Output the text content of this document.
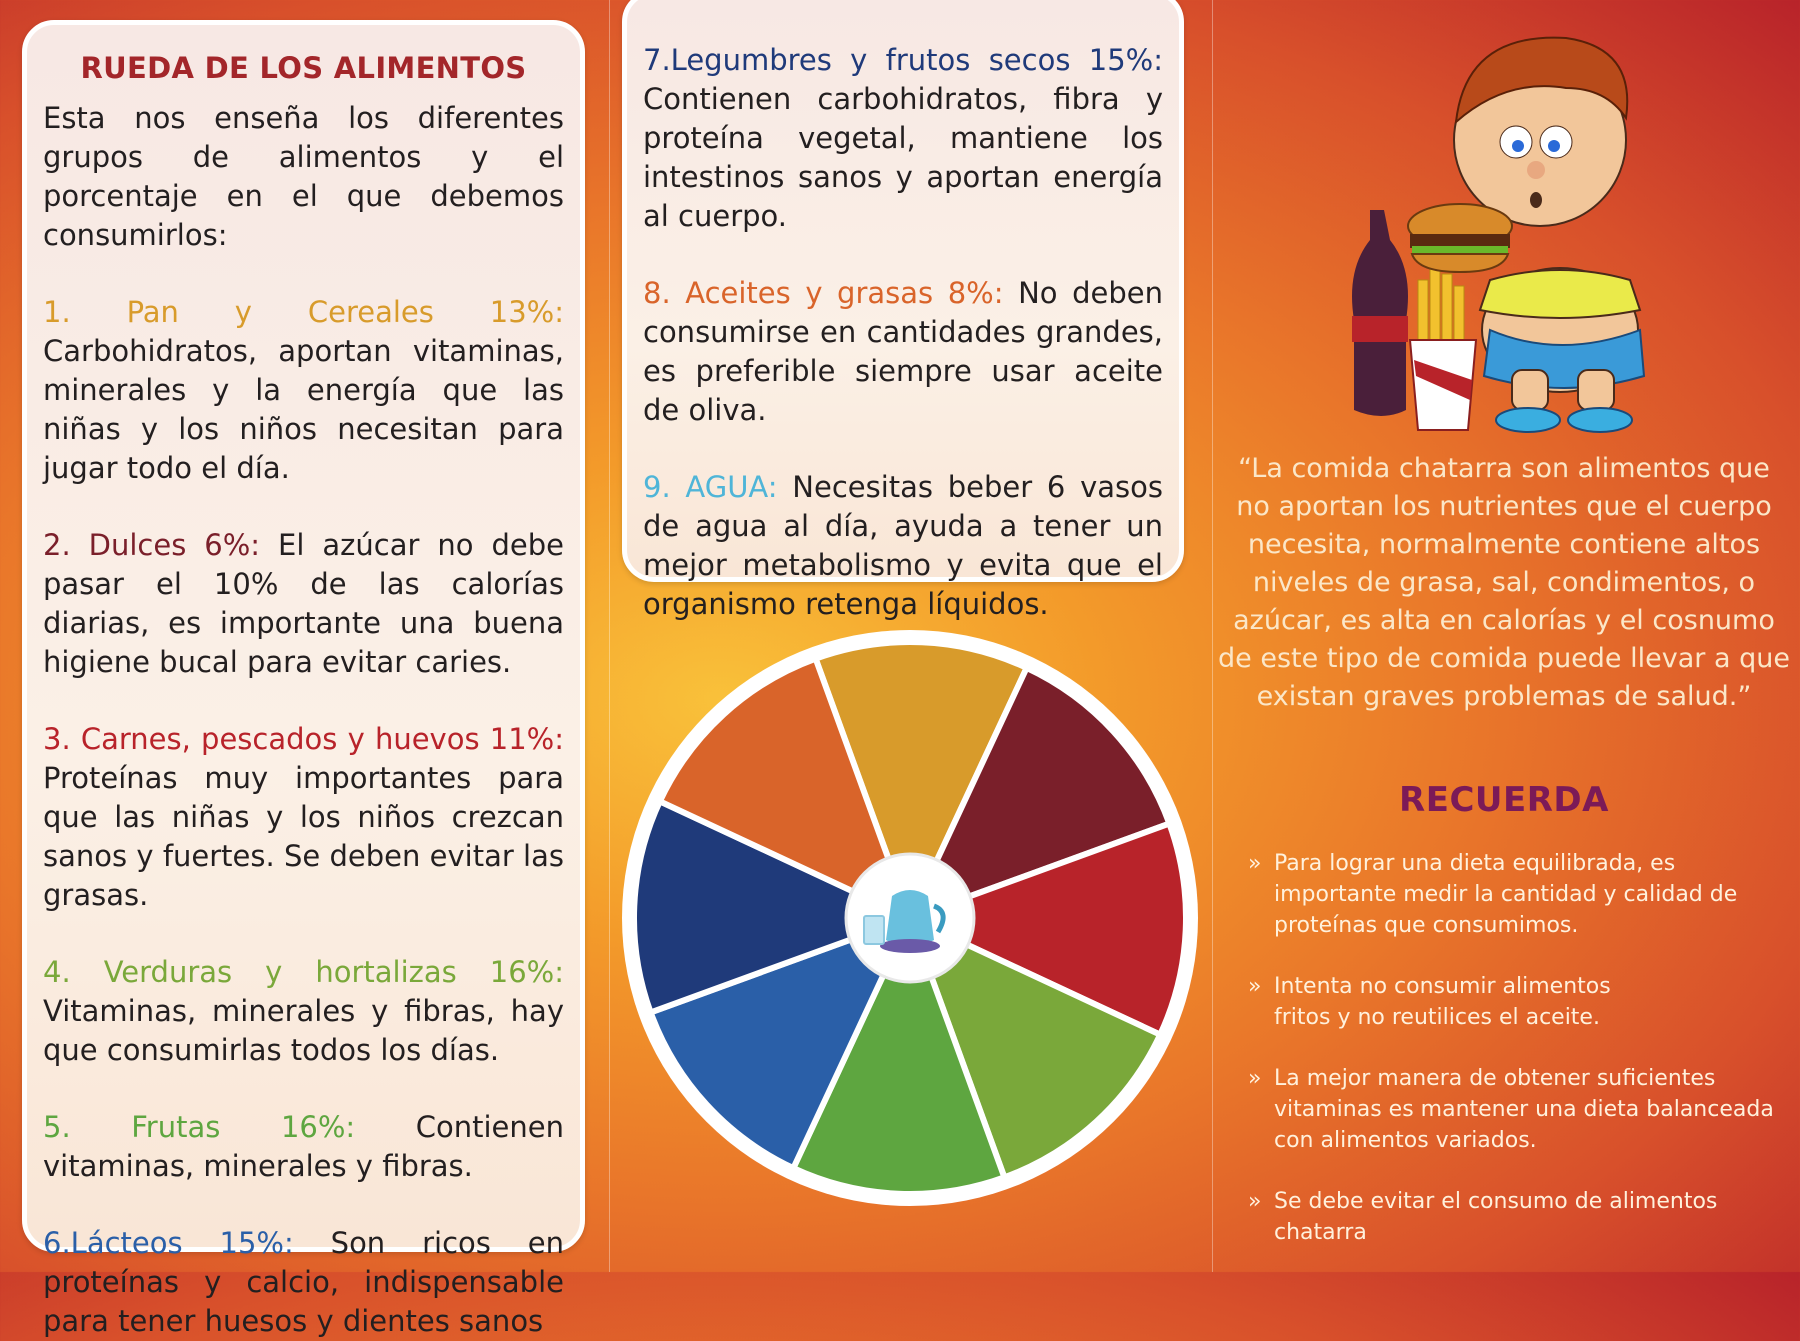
RUEDA DE LOS ALIMENTOS

Esta nos enseña los diferentes grupos de alimentos y el porcentaje en el que debemos consumirlos:

1. Pan y Cereales 13%: Carbohidratos, aportan vitaminas, minerales y la energía que las niñas y los niños necesitan para jugar todo el día.

2. Dulces 6%: El azúcar no debe pasar el 10% de las calorías diarias, es importante una buena higiene bucal para evitar caries.

3. Carnes, pescados y huevos 11%: Proteínas muy importantes para que las niñas y los niños crezcan sanos y fuertes. Se deben evitar las grasas.

4. Verduras y hortalizas 16%: Vitaminas, minerales y fibras, hay que consumirlas todos los días.

5. Frutas 16%: Contienen vitaminas, minerales y fibras.

6.Lácteos 15%: Son ricos en proteínas y calcio, indispensable para tener huesos y dientes sanos

7.Legumbres y frutos secos 15%: Contienen carbohidratos, fibra y proteína vegetal, mantiene los intestinos sanos y aportan energía al cuerpo.

8. Aceites y grasas 8%: No deben consumirse en cantidades grandes, es preferible siempre usar aceite de oliva.

9. AGUA: Necesitas beber 6 vasos de agua al día, ayuda a tener un mejor metabolismo y evita que el organismo retenga líquidos.

“La comida chatarra son alimentos que no aportan los nutrientes que el cuerpo necesita, normalmente contiene altos niveles de grasa, sal, condimentos, o azúcar, es alta en calorías y el cosnumo de este tipo de comida puede llevar a que existan graves problemas de salud.”

RECUERDA
» Para lograr una dieta equilibrada, es importante medir la cantidad y calidad de proteínas que consumimos.
» Intenta no consumir alimentos fritos y no reutilices el aceite.
» La mejor manera de obtener suficientes vitaminas es mantener una dieta balanceada con alimentos variados.
» Se debe evitar el consumo de alimentos chatarra
